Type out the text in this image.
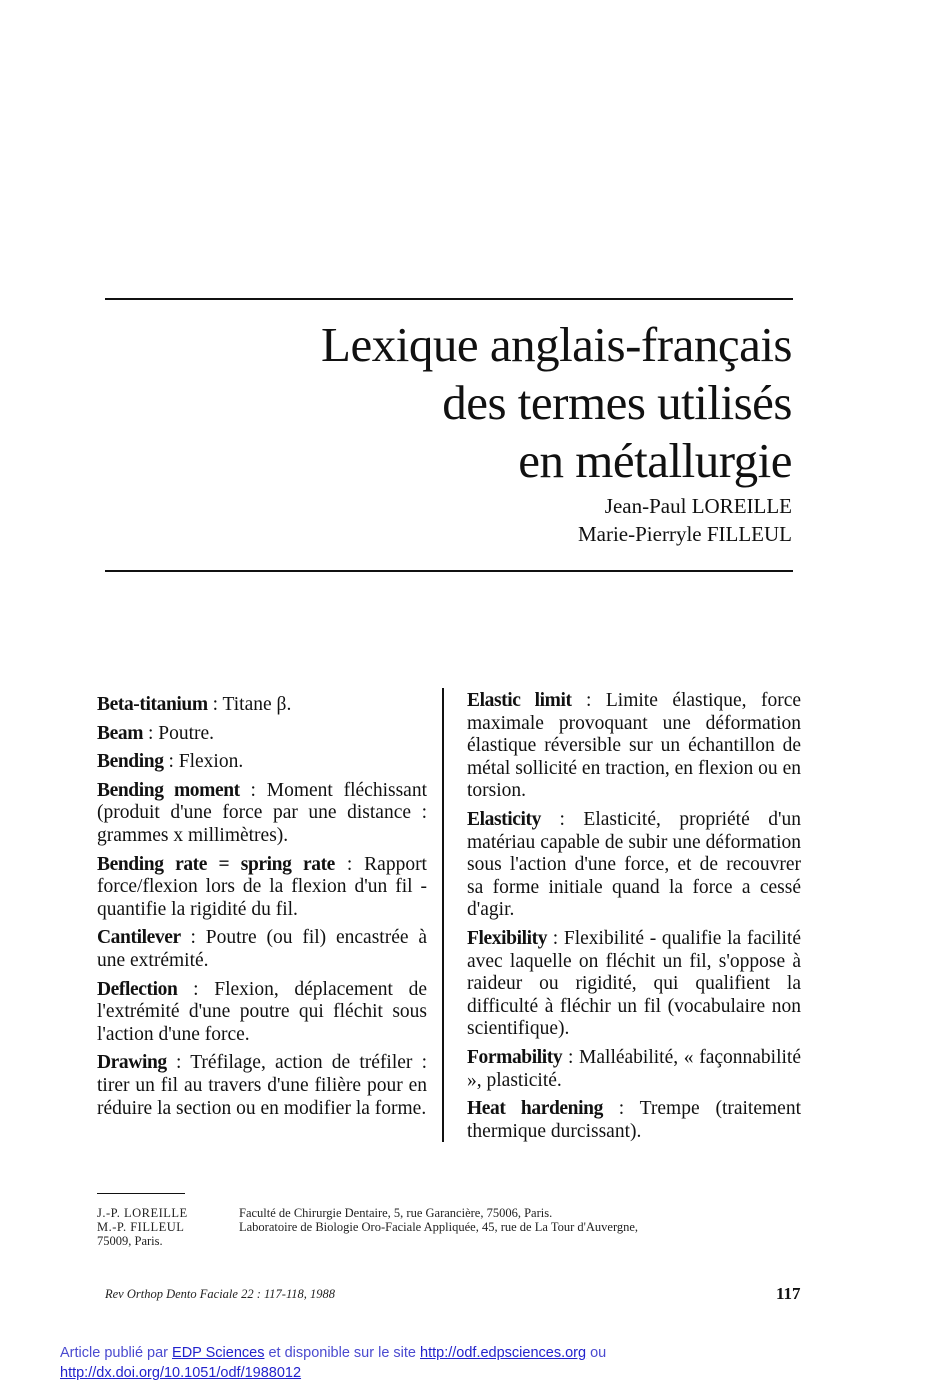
Lexique anglais-français
des termes utilisés
en métallurgie
Jean-Paul LOREILLE
Marie-Pierryle FILLEUL

Beta-titanium : Titane β.

Beam : Poutre.

Bending : Flexion.

Bending moment : Moment fléchissant (produit d'une force par une distance : grammes x millimètres).

Bending rate = spring rate : Rapport force/flexion lors de la flexion d'un fil - quantifie la rigidité du fil.

Cantilever : Poutre (ou fil) encastrée à une extrémité.

Deflection : Flexion, déplacement de l'extrémité d'une poutre qui fléchit sous l'action d'une force.

Drawing : Tréfilage, action de tréfiler : tirer un fil au travers d'une filière pour en réduire la section ou en modifier la forme.

Elastic limit : Limite élastique, force maximale provoquant une déformation élastique réversible sur un échantillon de métal sollicité en traction, en flexion ou en torsion.

Elasticity : Elasticité, propriété d'un matériau capable de subir une déformation sous l'action d'une force, et de recouvrer sa forme initiale quand la force a cessé d'agir.

Flexibility : Flexibilité - qualifie la facilité avec laquelle on fléchit un fil, s'oppose à raideur ou rigidité, qui qualifient la difficulté à fléchir un fil (vocabulaire non scientifique).

Formability : Malléabilité, « façonnabilité », plasticité.

Heat hardening : Trempe (traitement thermique durcissant).

J.-P. LOREILLE	Faculté de Chirurgie Dentaire, 5, rue Garancière, 75006, Paris.
M.-P. FILLEUL	Laboratoire de Biologie Oro-Faciale Appliquée, 45, rue de La Tour d'Auvergne,
75009, Paris.
Rev Orthop Dento Faciale 22 : 117-118, 1988	117
Article publié par EDP Sciences et disponible sur le site http://odf.edpsciences.org ou
http://dx.doi.org/10.1051/odf/1988012
